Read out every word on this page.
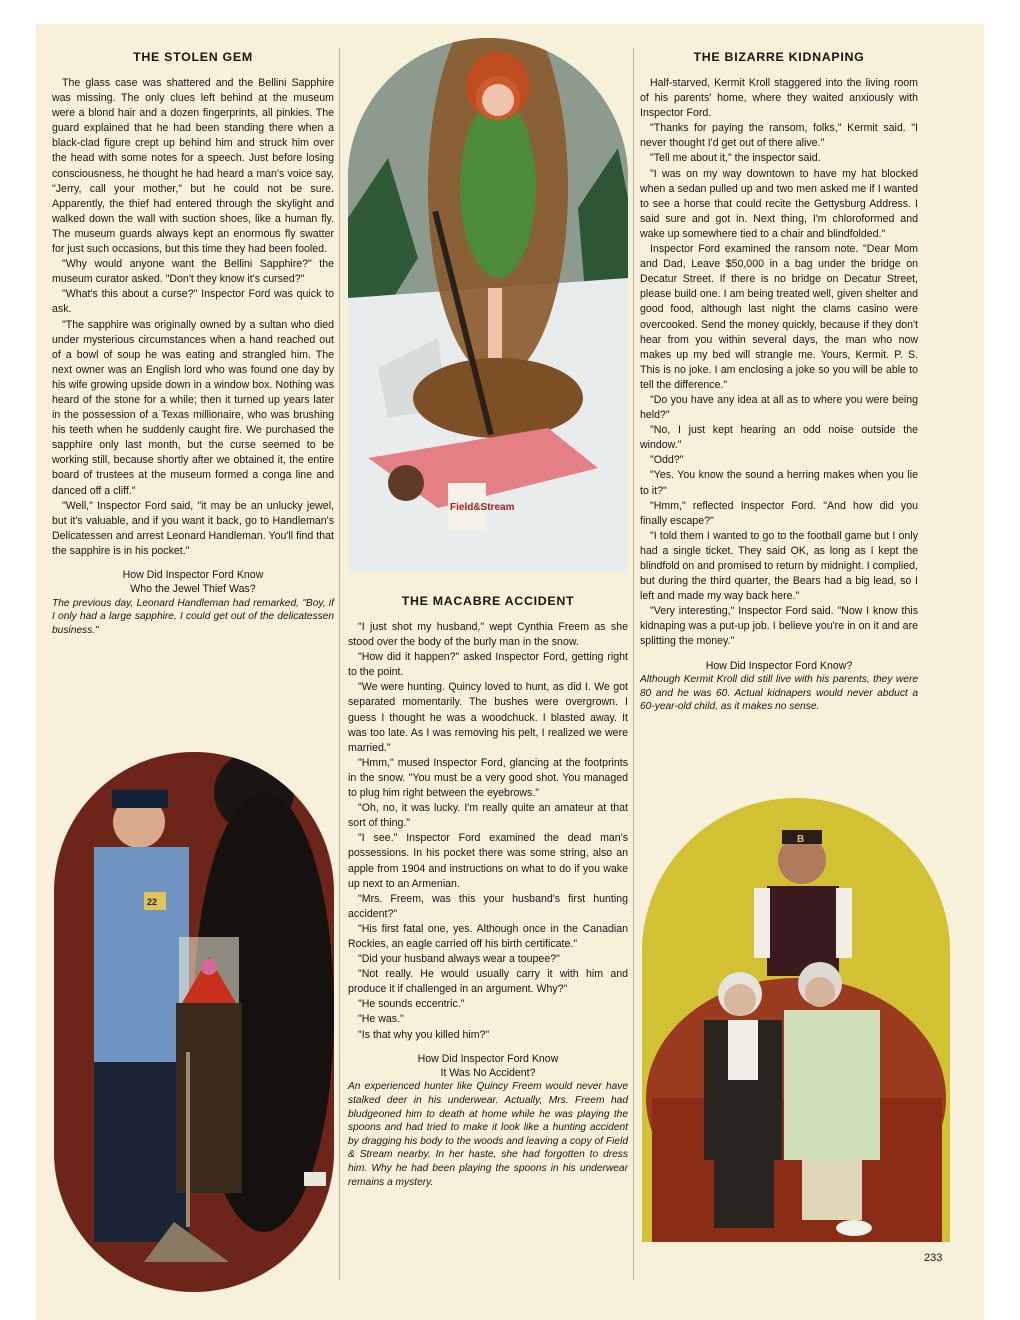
THE STOLEN GEM

The glass case was shattered and the Bellini Sapphire was missing. The only clues left behind at the museum were a blond hair and a dozen fingerprints, all pinkies. The guard explained that he had been standing there when a black-clad figure crept up behind him and struck him over the head with some notes for a speech. Just before losing consciousness, he thought he had heard a man's voice say, "Jerry, call your mother," but he could not be sure. Apparently, the thief had entered through the skylight and walked down the wall with suction shoes, like a human fly. The museum guards always kept an enormous fly swatter for just such occasions, but this time they had been fooled.

"Why would anyone want the Bellini Sapphire?" the museum curator asked. "Don't they know it's cursed?"

"What's this about a curse?" Inspector Ford was quick to ask.

"The sapphire was originally owned by a sultan who died under mysterious circumstances when a hand reached out of a bowl of soup he was eating and strangled him. The next owner was an English lord who was found one day by his wife growing upside down in a window box. Nothing was heard of the stone for a while; then it turned up years later in the possession of a Texas millionaire, who was brushing his teeth when he suddenly caught fire. We purchased the sapphire only last month, but the curse seemed to be working still, because shortly after we obtained it, the entire board of trustees at the museum formed a conga line and danced off a cliff."

"Well," Inspector Ford said, "it may be an unlucky jewel, but it's valuable, and if you want it back, go to Handleman's Delicatessen and arrest Leonard Handleman. You'll find that the sapphire is in his pocket."

How Did Inspector Ford Know
Who the Jewel Thief Was?

The previous day, Leonard Handleman had remarked, "Boy, if I only had a large sapphire, I could get out of the delicatessen business."

Field&Stream
THE MACABRE ACCIDENT

"I just shot my husband," wept Cynthia Freem as she stood over the body of the burly man in the snow.

"How did it happen?" asked Inspector Ford, getting right to the point.

"We were hunting. Quincy loved to hunt, as did I. We got separated momentarily. The bushes were overgrown. I guess I thought he was a woodchuck. I blasted away. It was too late. As I was removing his pelt, I realized we were married."

"Hmm," mused Inspector Ford, glancing at the footprints in the snow. "You must be a very good shot. You managed to plug him right between the eyebrows."

"Oh, no, it was lucky. I'm really quite an amateur at that sort of thing."

"I see." Inspector Ford examined the dead man's possessions. In his pocket there was some string, also an apple from 1904 and instructions on what to do if you wake up next to an Armenian.

"Mrs. Freem, was this your husband's first hunting accident?"

"His first fatal one, yes. Although once in the Canadian Rockies, an eagle carried off his birth certificate."

"Did your husband always wear a toupee?"

"Not really. He would usually carry it with him and produce it if challenged in an argument. Why?"

"He sounds eccentric."

"He was."

"Is that why you killed him?"

How Did Inspector Ford Know
It Was No Accident?

An experienced hunter like Quincy Freem would never have stalked deer in his underwear. Actually, Mrs. Freem had bludgeoned him to death at home while he was playing the spoons and had tried to make it look like a hunting accident by dragging his body to the woods and leaving a copy of Field & Stream nearby. In her haste, she had forgotten to dress him. Why he had been playing the spoons in his underwear remains a mystery.

22
THE BIZARRE KIDNAPING

Half-starved, Kermit Kroll staggered into the living room of his parents' home, where they waited anxiously with Inspector Ford.

"Thanks for paying the ransom, folks," Kermit said. "I never thought I'd get out of there alive."

"Tell me about it," the inspector said.

"I was on my way downtown to have my hat blocked when a sedan pulled up and two men asked me if I wanted to see a horse that could recite the Gettysburg Address. I said sure and got in. Next thing, I'm chloroformed and wake up somewhere tied to a chair and blindfolded."

Inspector Ford examined the ransom note. "Dear Mom and Dad, Leave $50,000 in a bag under the bridge on Decatur Street. If there is no bridge on Decatur Street, please build one. I am being treated well, given shelter and good food, although last night the clams casino were overcooked. Send the money quickly, because if they don't hear from you within several days, the man who now makes up my bed will strangle me. Yours, Kermit. P. S. This is no joke. I am enclosing a joke so you will be able to tell the difference."

"Do you have any idea at all as to where you were being held?"

"No, I just kept hearing an odd noise outside the window."

"Odd?"

"Yes. You know the sound a herring makes when you lie to it?"

"Hmm," reflected Inspector Ford. "And how did you finally escape?"

"I told them I wanted to go to the football game but I only had a single ticket. They said OK, as long as I kept the blindfold on and promised to return by midnight. I complied, but during the third quarter, the Bears had a big lead, so I left and made my way back here."

"Very interesting," Inspector Ford said. "Now I know this kidnaping was a put-up job. I believe you're in on it and are splitting the money."

How Did Inspector Ford Know?

Although Kermit Kroll did still live with his parents, they were 80 and he was 60. Actual kidnapers would never abduct a 60-year-old child, as it makes no sense.

B
233
